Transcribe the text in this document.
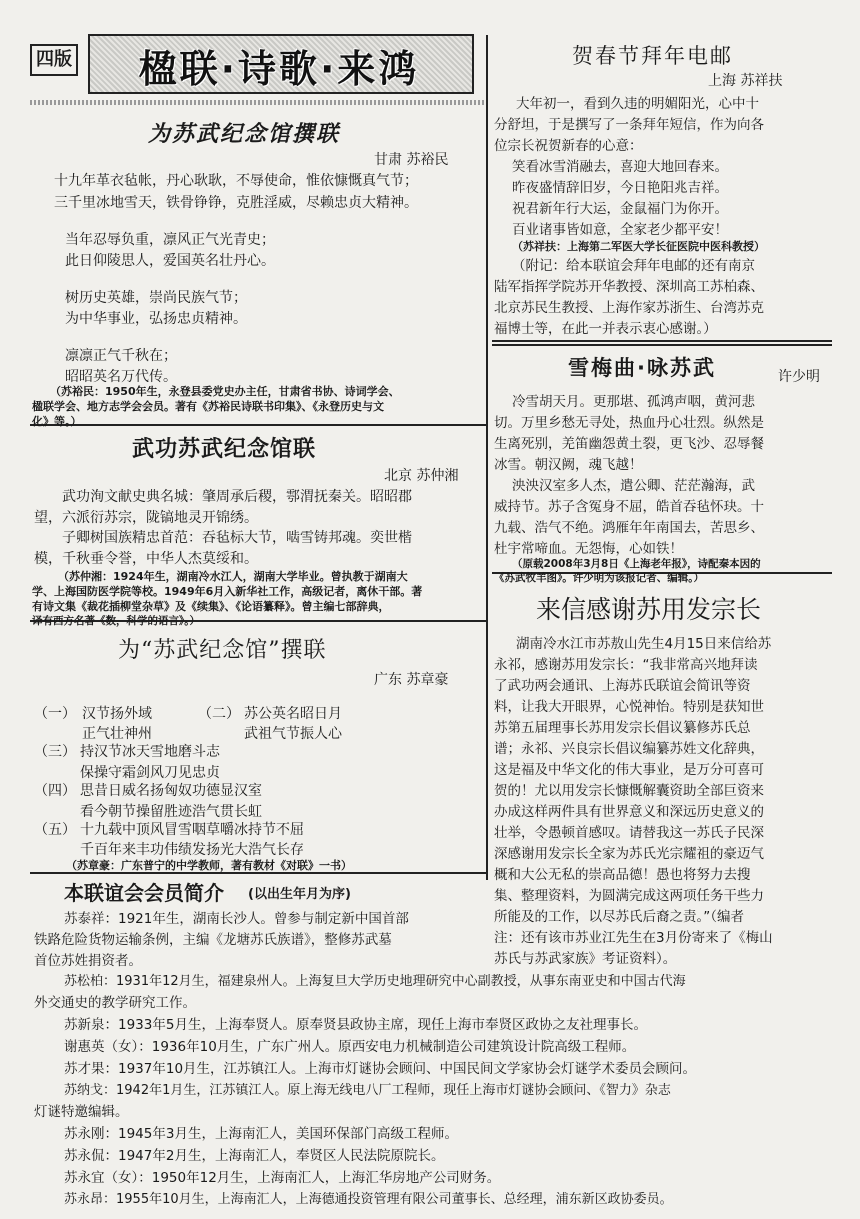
四版	楹联·诗歌·来鸿
为苏武纪念馆撰联
甘肃 苏裕民
十九年革衣毡帐，丹心耿耿，不辱使命，惟依慷慨真气节；
三千里冰地雪天，铁骨铮铮，克胜淫威，尽赖忠贞大精神。
当年忍辱负重，凛风正气光青史；
此日仰陵思人，爱国英名壮丹心。
树历史英雄，崇尚民族气节；
为中华事业，弘扬忠贞精神。
凛凛正气千秋在；
昭昭英名万代传。
（苏裕民：1950年生，永登县委党史办主任，甘肃省书协、诗词学会、
楹联学会、地方志学会会员。著有《苏裕民诗联书印集》、《永登历史与文
化》等。）
武功苏武纪念馆联
北京 苏仲湘
武功洵文献史典名城：肇周承后稷，鄠渭抚秦关。昭昭郡
望，六派衍苏宗，陇镐地灵开锦绣。
子卿树国族精忠首范：吞毡标大节，啮雪铸邦魂。奕世楷
模，千秋垂令誉，中华人杰莫绥和。
（苏仲湘：1924年生，湖南冷水江人，湖南大学毕业。曾执教于湖南大
学、上海国防医学院等校。1949年6月入新华社工作，高级记者，离休干部。著
有诗文集《裁花插柳堂杂草》及《续集》、《论语纂释》。曾主编七部辞典，
译有西方名著《数，科学的语言》。）
为“苏武纪念馆”撰联
广东 苏章豪
（一） 汉节扬外域
正气壮神州
（二） 苏公英名昭日月
武祖气节振人心
（三） 持汉节冰天雪地磨斗志
保操守霜剑风刀见忠贞
（四） 思昔日威名扬匈奴功德显汉室
看今朝节操留胜迹浩气贯长虹
（五） 十九载中顶风冒雪咽草嚼冰持节不屈
千百年来丰功伟绩发扬光大浩气长存
（苏章豪：广东普宁的中学教师，著有教材《对联》一书）
贺春节拜年电邮
上海 苏祥扶
大年初一，看到久违的明媚阳光，心中十
分舒坦，于是撰写了一条拜年短信，作为向各
位宗长祝贺新春的心意：
笑看冰雪消融去，喜迎大地回春来。
昨夜盛情辞旧岁，今日艳阳兆吉祥。
祝君新年行大运，金鼠福门为你开。
百业诸事皆如意，全家老少都平安！
（苏祥扶：上海第二军医大学长征医院中医科教授）
（附记：给本联谊会拜年电邮的还有南京
陆军指挥学院苏开华教授、深圳高工苏柏森、
北京苏民生教授、上海作家苏浙生、台湾苏克
福博士等，在此一并表示衷心感谢。）
雪梅曲·咏苏武	许少明
冷雪胡天月。更那堪、孤鸿声咽，黄河悲
切。万里乡愁无寻处，热血丹心壮烈。纵然是
生离死别，羌笛幽怨黄土裂，更飞沙、忍辱餐
冰雪。朝汉阙，魂飞越！
泱泱汉室多人杰，遣公卿、茫茫瀚海，武
威持节。苏子含冤身不屈，皓首吞毡怀玦。十
九载、浩气不绝。鸿雁年年南国去，苦思乡、
杜宇常啼血。无怨悔，心如铁！
（原载2008年3月8日《上海老年报》，诗配秦本因的
《苏武牧羊图》。许少明为该报记者、编辑。）
来信感谢苏用发宗长
湖南冷水江市苏敖山先生4月15日来信给苏
永祁，感谢苏用发宗长：“我非常高兴地拜读
了武功两会通讯、上海苏氏联谊会简讯等资
料，让我大开眼界，心悦神怡。特别是获知世
苏第五届理事长苏用发宗长倡议纂修苏氏总
谱；永祁、兴良宗长倡议编纂苏姓文化辞典，
这是福及中华文化的伟大事业，是万分可喜可
贺的！尤以用发宗长慷慨解囊资助全部巨资来
办成这样两件具有世界意义和深远历史意义的
壮举，令愚顿首感叹。请替我这一苏氏子民深
深感谢用发宗长全家为苏氏光宗耀祖的豪迈气
概和大公无私的崇高品德！愚也将努力去搜
集、整理资料，为圆满完成这两项任务干些力
所能及的工作，以尽苏氏后裔之责。”（编者
注：还有该市苏业江先生在3月份寄来了《梅山
苏氏与苏武家族》考证资料）。
本联谊会会员简介 (以出生年月为序)
苏泰祥：1921年生，湖南长沙人。曾参与制定新中国首部
铁路危险货物运输条例，主编《龙塘苏氏族谱》，整修苏武墓
首位苏姓捐资者。
苏松柏：1931年12月生，福建泉州人。上海复旦大学历史地理研究中心副教授，从事东南亚史和中国古代海
外交通史的教学研究工作。
苏新泉：1933年5月生，上海奉贤人。原奉贤县政协主席，现任上海市奉贤区政协之友社理事长。
谢惠英（女）：1936年10月生，广东广州人。原西安电力机械制造公司建筑设计院高级工程师。
苏才果：1937年10月生，江苏镇江人。上海市灯谜协会顾问、中国民间文学家协会灯谜学术委员会顾问。
苏纳戈：1942年1月生，江苏镇江人。原上海无线电八厂工程师，现任上海市灯谜协会顾问、《智力》杂志
灯谜特邀编辑。
苏永刚：1945年3月生，上海南汇人，美国环保部门高级工程师。
苏永侃：1947年2月生，上海南汇人，奉贤区人民法院原院长。
苏永宜（女）：1950年12月生，上海南汇人，上海汇华房地产公司财务。
苏永昂：1955年10月生，上海南汇人，上海德通投资管理有限公司董事长、总经理，浦东新区政协委员。
